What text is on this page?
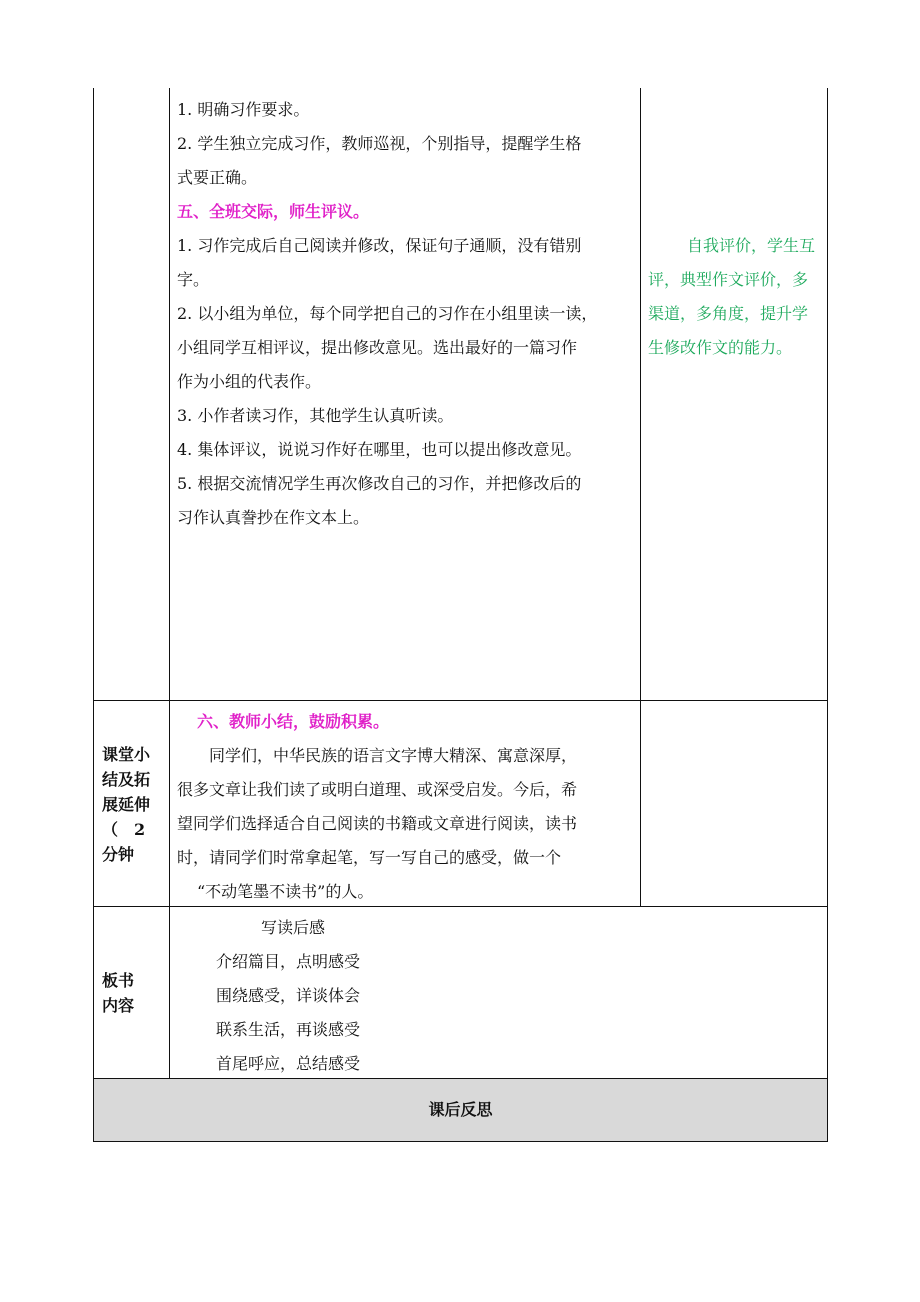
1. 明确习作要求。
2. 学生独立完成习作，教师巡视，个别指导，提醒学生格
式要正确。
五、全班交际，师生评议。
1. 习作完成后自己阅读并修改，保证句子通顺，没有错别
字。
2. 以小组为单位，每个同学把自己的习作在小组里读一读，
小组同学互相评议，提出修改意见。选出最好的一篇习作
作为小组的代表作。
3. 小作者读习作，其他学生认真听读。
4. 集体评议，说说习作好在哪里，也可以提出修改意见。
5. 根据交流情况学生再次修改自己的习作，并把修改后的
习作认真誊抄在作文本上。
自我评价，学生互
评，典型作文评价，多
渠道，多角度，提升学
生修改作文的能力。
课堂小
结及拓
展延伸
（　2
分钟
六、教师小结，鼓励积累。
同学们，中华民族的语言文字博大精深、寓意深厚，
很多文章让我们读了或明白道理、或深受启发。今后，希
望同学们选择适合自己阅读的书籍或文章进行阅读，读书
时，请同学们时常拿起笔，写一写自己的感受，做一个
“不动笔墨不读书”的人。
板书
内容
写读后感
介绍篇目，点明感受
围绕感受，详谈体会
联系生活，再谈感受
首尾呼应，总结感受
课后反思
